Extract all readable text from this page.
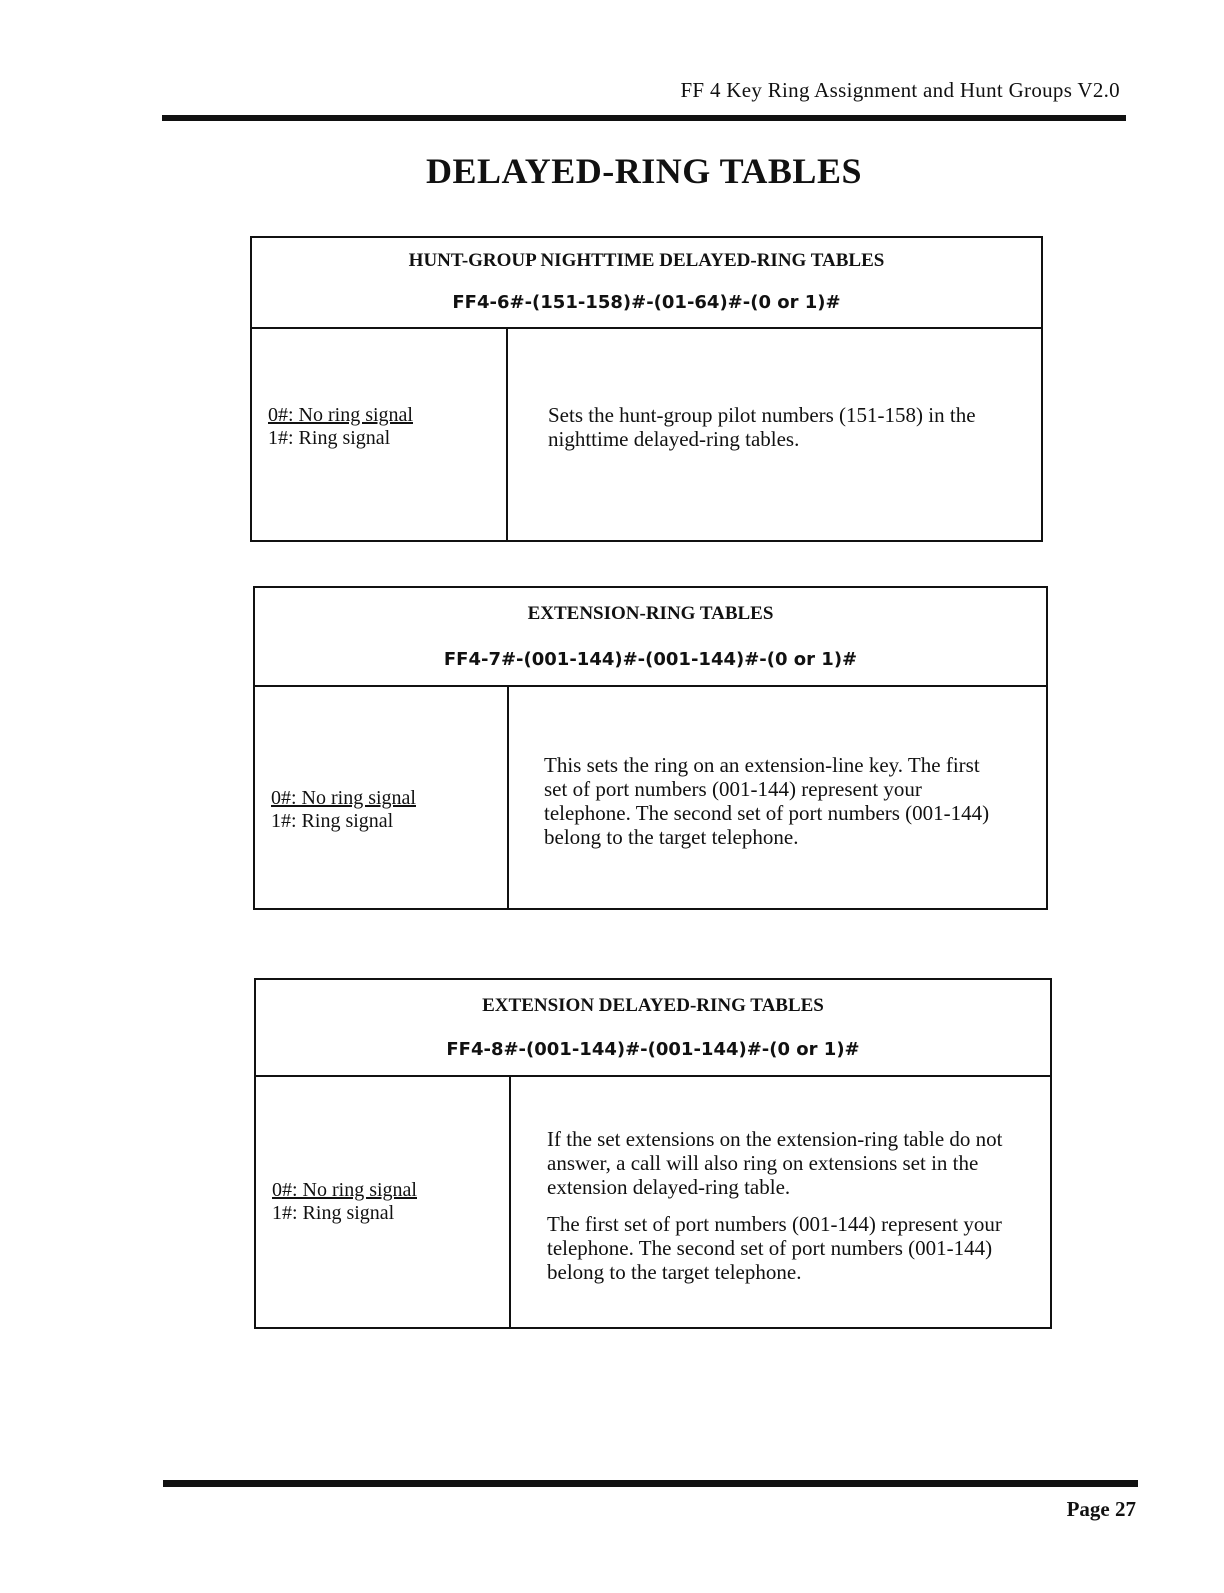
FF 4 Key Ring Assignment and Hunt Groups V2.0
DELAYED-RING TABLES
HUNT-GROUP NIGHTTIME DELAYED-RING TABLES
FF4-6#-(151-158)#-(01-64)#-(0 or 1)#
0#: No ring signal
1#: Ring signal

Sets the hunt-group pilot numbers (151-158) in the nighttime delayed-ring tables.

EXTENSION-RING TABLES
FF4-7#-(001-144)#-(001-144)#-(0 or 1)#
0#: No ring signal
1#: Ring signal

This sets the ring on an extension-line key. The first set of port numbers (001-144) represent your telephone. The second set of port numbers (001-144) belong to the target telephone.

EXTENSION DELAYED-RING TABLES
FF4-8#-(001-144)#-(001-144)#-(0 or 1)#
0#: No ring signal
1#: Ring signal

If the set extensions on the extension-ring table do not answer, a call will also ring on extensions set in the extension delayed-ring table.

The first set of port numbers (001-144) represent your telephone. The second set of port numbers (001-144) belong to the target telephone.

Page 27
